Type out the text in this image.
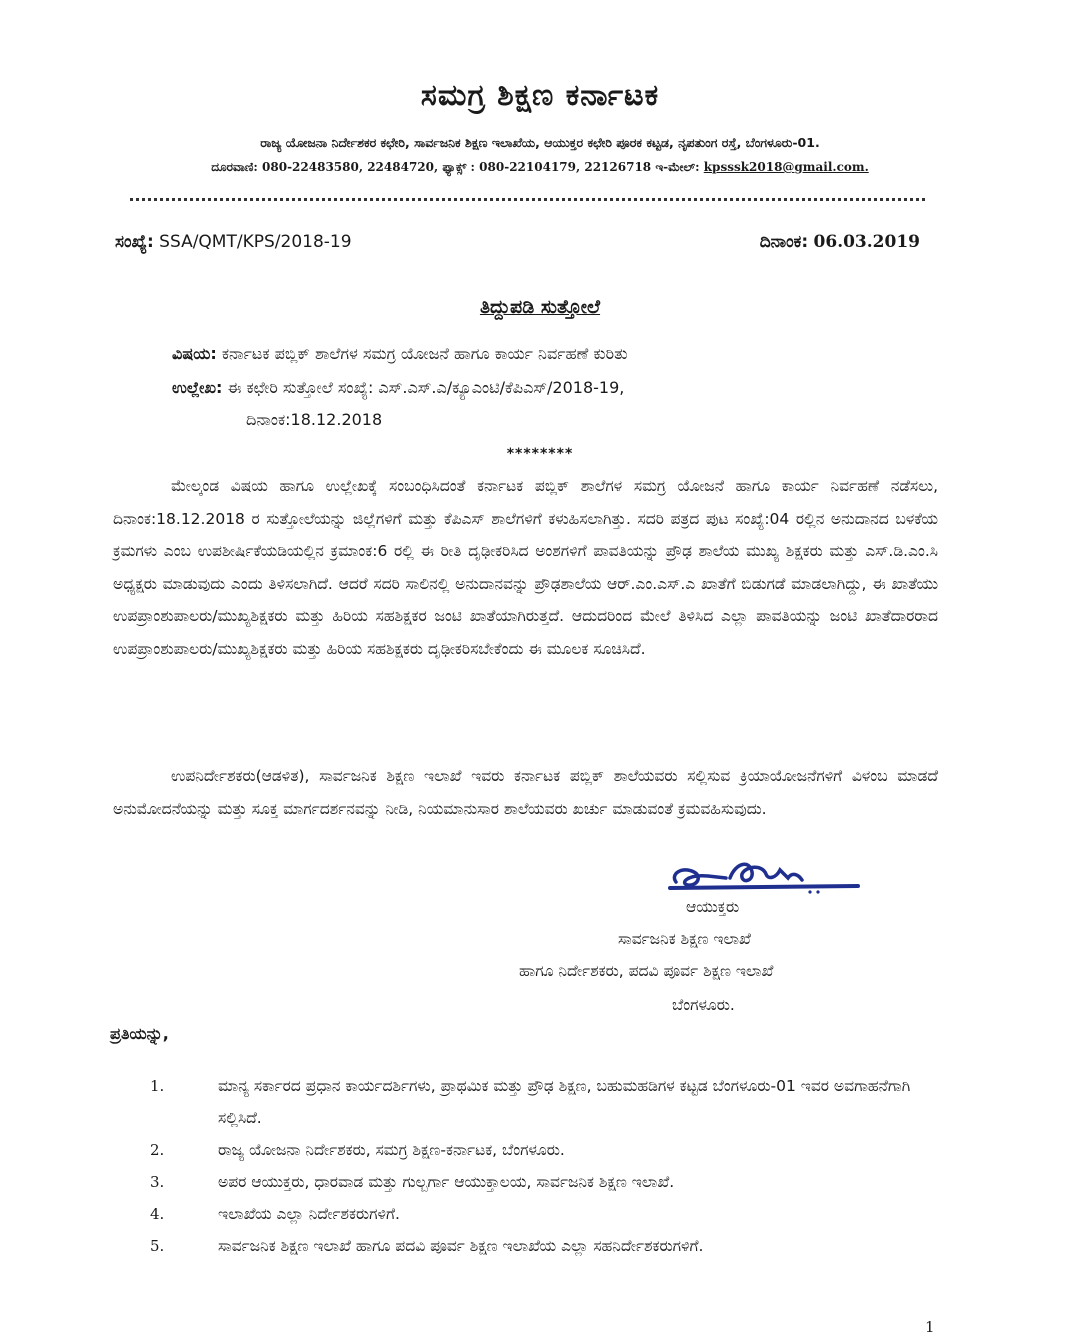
ಸಮಗ್ರ ಶಿಕ್ಷಣ ಕರ್ನಾಟಕ
ರಾಜ್ಯ ಯೋಜನಾ ನಿರ್ದೇಶಕರ ಕಛೇರಿ, ಸಾರ್ವಜನಿಕ ಶಿಕ್ಷಣ ಇಲಾಖೆಯ, ಆಯುಕ್ತರ ಕಛೇರಿ ಪೂರಕ ಕಟ್ಟಡ, ನೃಪತುಂಗ ರಸ್ತೆ, ಬೆಂಗಳೂರು-01.
ದೂರವಾಣಿ: 080-22483580, 22484720, ಫ್ಯಾಕ್ಸ್ : 080-22104179, 22126718 ಇ-ಮೇಲ್: kpsssk2018@gmail.com.
ಸಂಖ್ಯೆ: SSA/QMT/KPS/2018-19	ದಿನಾಂಕ: 06.03.2019
ತಿದ್ದುಪಡಿ ಸುತ್ತೋಲೆ
ವಿಷಯ: ಕರ್ನಾಟಕ ಪಬ್ಲಿಕ್ ಶಾಲೆಗಳ ಸಮಗ್ರ ಯೋಜನೆ ಹಾಗೂ ಕಾರ್ಯ ನಿರ್ವಹಣೆ ಕುರಿತು
ಉಲ್ಲೇಖ: ಈ ಕಛೇರಿ ಸುತ್ತೋಲೆ ಸಂಖ್ಯೆ: ಎಸ್.ಎಸ್.ಎ/ಕ್ಯೂಎಂಟಿ/ಕೆಪಿಎಸ್/2018-19,
ದಿನಾಂಕ:18.12.2018
********
ಮೇಲ್ಕಂಡ ವಿಷಯ ಹಾಗೂ ಉಲ್ಲೇಖಕ್ಕೆ ಸಂಬಂಧಿಸಿದಂತೆ ಕರ್ನಾಟಕ ಪಬ್ಲಿಕ್ ಶಾಲೆಗಳ ಸಮಗ್ರ ಯೋಜನೆ ಹಾಗೂ ಕಾರ್ಯ ನಿರ್ವಹಣೆ ನಡೆಸಲು, ದಿನಾಂಕ:18.12.2018 ರ ಸುತ್ತೋಲೆಯನ್ನು ಜಿಲ್ಲೆಗಳಿಗೆ ಮತ್ತು ಕೆಪಿಎಸ್ ಶಾಲೆಗಳಿಗೆ ಕಳುಹಿಸಲಾಗಿತ್ತು. ಸದರಿ ಪತ್ರದ ಪುಟ ಸಂಖ್ಯೆ:04 ರಲ್ಲಿನ ಅನುದಾನದ ಬಳಕೆಯ ಕ್ರಮಗಳು ಎಂಬ ಉಪಶೀರ್ಷಿಕೆಯಡಿಯಲ್ಲಿನ ಕ್ರಮಾಂಕ:6 ರಲ್ಲಿ ಈ ರೀತಿ ದೃಢೀಕರಿಸಿದ ಅಂಶಗಳಿಗೆ ಪಾವತಿಯನ್ನು ಪ್ರೌಢ ಶಾಲೆಯ ಮುಖ್ಯ ಶಿಕ್ಷಕರು ಮತ್ತು ಎಸ್.ಡಿ.ಎಂ.ಸಿ ಅಧ್ಯಕ್ಷರು ಮಾಡುವುದು ಎಂದು ತಿಳಿಸಲಾಗಿದೆ. ಆದರೆ ಸದರಿ ಸಾಲಿನಲ್ಲಿ ಅನುದಾನವನ್ನು ಪ್ರೌಢಶಾಲೆಯ ಆರ್.ಎಂ.ಎಸ್.ಎ ಖಾತೆಗೆ ಬಿಡುಗಡೆ ಮಾಡಲಾಗಿದ್ದು, ಈ ಖಾತೆಯು ಉಪಪ್ರಾಂಶುಪಾಲರು/ಮುಖ್ಯಶಿಕ್ಷಕರು ಮತ್ತು ಹಿರಿಯ ಸಹಶಿಕ್ಷಕರ ಜಂಟಿ ಖಾತೆಯಾಗಿರುತ್ತದೆ. ಆದುದರಿಂದ ಮೇಲೆ ತಿಳಿಸಿದ ಎಲ್ಲಾ ಪಾವತಿಯನ್ನು ಜಂಟಿ ಖಾತೆದಾರರಾದ ಉಪಪ್ರಾಂಶುಪಾಲರು/ಮುಖ್ಯಶಿಕ್ಷಕರು ಮತ್ತು ಹಿರಿಯ ಸಹಶಿಕ್ಷಕರು ದೃಢೀಕರಿಸಬೇಕೆಂದು ಈ ಮೂಲಕ ಸೂಚಿಸಿದೆ.
ಉಪನಿರ್ದೇಶಕರು(ಆಡಳಿತ), ಸಾರ್ವಜನಿಕ ಶಿಕ್ಷಣ ಇಲಾಖೆ ಇವರು ಕರ್ನಾಟಕ ಪಬ್ಲಿಕ್ ಶಾಲೆಯವರು ಸಲ್ಲಿಸುವ ಕ್ರಿಯಾಯೋಜನೆಗಳಿಗೆ ವಿಳಂಬ ಮಾಡದೆ ಅನುಮೋದನೆಯನ್ನು ಮತ್ತು ಸೂಕ್ತ ಮಾರ್ಗದರ್ಶನವನ್ನು ನೀಡಿ, ನಿಯಮಾನುಸಾರ ಶಾಲೆಯವರು ಖರ್ಚು ಮಾಡುವಂತೆ ಕ್ರಮವಹಿಸುವುದು.
ಆಯುಕ್ತರು
ಸಾರ್ವಜನಿಕ ಶಿಕ್ಷಣ ಇಲಾಖೆ
ಹಾಗೂ ನಿರ್ದೇಶಕರು, ಪದವಿ ಪೂರ್ವ ಶಿಕ್ಷಣ ಇಲಾಖೆ
ಬೆಂಗಳೂರು.
ಪ್ರತಿಯನ್ನು,
1.	ಮಾನ್ಯ ಸರ್ಕಾರದ ಪ್ರಧಾನ ಕಾರ್ಯದರ್ಶಿಗಳು, ಪ್ರಾಥಮಿಕ ಮತ್ತು ಪ್ರೌಢ ಶಿಕ್ಷಣ, ಬಹುಮಹಡಿಗಳ ಕಟ್ಟಡ ಬೆಂಗಳೂರು-01 ಇವರ ಅವಗಾಹನೆಗಾಗಿ ಸಲ್ಲಿಸಿದೆ.
2.	ರಾಜ್ಯ ಯೋಜನಾ ನಿರ್ದೇಶಕರು, ಸಮಗ್ರ ಶಿಕ್ಷಣ-ಕರ್ನಾಟಕ, ಬೆಂಗಳೂರು.
3.	ಅಪರ ಆಯುಕ್ತರು, ಧಾರವಾಡ ಮತ್ತು ಗುಲ್ಬರ್ಗಾ ಆಯುಕ್ತಾಲಯ, ಸಾರ್ವಜನಿಕ ಶಿಕ್ಷಣ ಇಲಾಖೆ.
4.	ಇಲಾಖೆಯ ಎಲ್ಲಾ ನಿರ್ದೇಶಕರುಗಳಿಗೆ.
5.	ಸಾರ್ವಜನಿಕ ಶಿಕ್ಷಣ ಇಲಾಖೆ ಹಾಗೂ ಪದವಿ ಪೂರ್ವ ಶಿಕ್ಷಣ ಇಲಾಖೆಯ ಎಲ್ಲಾ ಸಹನಿರ್ದೇಶಕರುಗಳಿಗೆ.
1
